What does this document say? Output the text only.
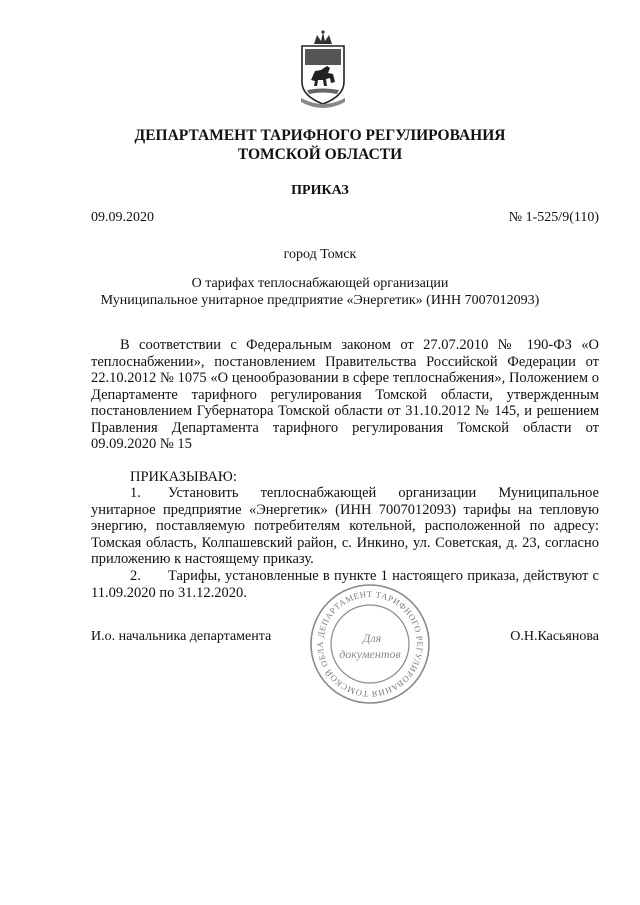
ДЕПАРТАМЕНТ ТАРИФНОГО РЕГУЛИРОВАНИЯ
ТОМСКОЙ ОБЛАСТИ
ПРИКАЗ
09.09.2020	№ 1-525/9(110)
город Томск
О тарифах теплоснабжающей организации
Муниципальное унитарное предприятие «Энергетик» (ИНН 7007012093)
В соответствии с Федеральным законом от 27.07.2010 № 190-ФЗ «О теплоснабжении», постановлением Правительства Российской Федерации от 22.10.2012 № 1075 «О ценообразовании в сфере теплоснабжения», Положением о Департаменте тарифного регулирования Томской области, утвержденным постановлением Губернатора Томской области от 31.10.2012 № 145, и решением Правления Департамента тарифного регулирования Томской области от 09.09.2020 № 15
ПРИКАЗЫВАЮ:
1. Установить теплоснабжающей организации Муниципальное унитарное предприятие «Энергетик» (ИНН 7007012093) тарифы на тепловую энергию, поставляемую потребителям котельной, расположенной по адресу: Томская область, Колпашевский район, с. Инкино, ул. Советская, д. 23, согласно приложению к настоящему приказу.
2. Тарифы, установленные в пункте 1 настоящего приказа, действуют с 11.09.2020 по 31.12.2020.
ДЕПАРТАМЕНТ ТАРИФНОГО РЕГУЛИРОВАНИЯ ТОМСКОЙ ОБЛА	Для
документов
И.о. начальника департамента	О.Н.Касьянова
